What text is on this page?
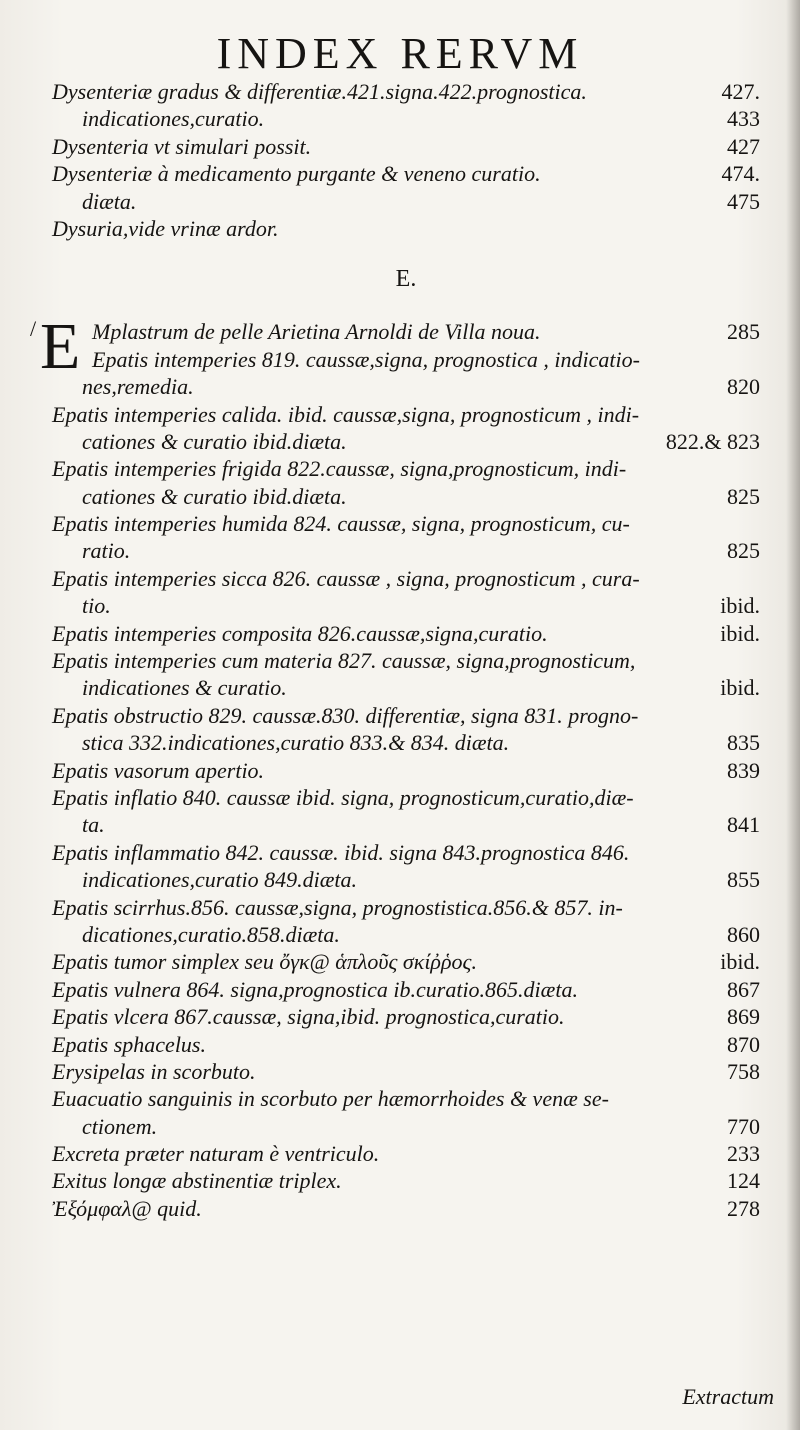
INDEX RERVM
/
Dysenteriæ gradus & differentiæ.421.signa.422.prognostica.	427.
indicationes,curatio.	433
Dysenteria vt simulari possit.	427
Dysenteriæ à medicamento purgante & veneno curatio.	474.
diæta.	475
Dysuria,vide vrinæ ardor.
E.
E Mplastrum de pelle Arietina Arnoldi de Villa noua.	285
Epatis intemperies 819. caussæ,signa, prognostica , indicatio-
nes,remedia.	820
Epatis intemperies calida. ibid. caussæ,signa, prognosticum , indi-
cationes & curatio ibid.diæta.	822.& 823
Epatis intemperies frigida 822.caussæ, signa,prognosticum, indi-
cationes & curatio ibid.diæta.	825
Epatis intemperies humida 824. caussæ, signa, prognosticum, cu-
ratio.	825
Epatis intemperies sicca 826. caussæ , signa, prognosticum , cura-
tio.	ibid.
Epatis intemperies composita 826.caussæ,signa,curatio.	ibid.
Epatis intemperies cum materia 827. caussæ, signa,prognosticum,
indicationes & curatio.	ibid.
Epatis obstructio 829. caussæ.830. differentiæ, signa 831. progno-
stica 332.indicationes,curatio 833.& 834. diæta.	835
Epatis vasorum apertio.	839
Epatis inflatio 840. caussæ ibid. signa, prognosticum,curatio,diæ-
ta.	841
Epatis inflammatio 842. caussæ. ibid. signa 843.prognostica 846.
indicationes,curatio 849.diæta.	855
Epatis scirrhus.856. caussæ,signa, prognostistica.856.& 857. in-
dicationes,curatio.858.diæta.	860
Epatis tumor simplex seu ὄγκ@ ἁπλοῦς σκίῤῥος.	ibid.
Epatis vulnera 864. signa,prognostica ib.curatio.865.diæta.	867
Epatis vlcera 867.caussæ, signa,ibid. prognostica,curatio.	869
Epatis sphacelus.	870
Erysipelas in scorbuto.	758
Euacuatio sanguinis in scorbuto per hæmorrhoides & venæ se-
ctionem.	770
Excreta præter naturam è ventriculo.	233
Exitus longæ abstinentiæ triplex.	124
Ἐξόμφαλ@ quid.	278
Extractum
